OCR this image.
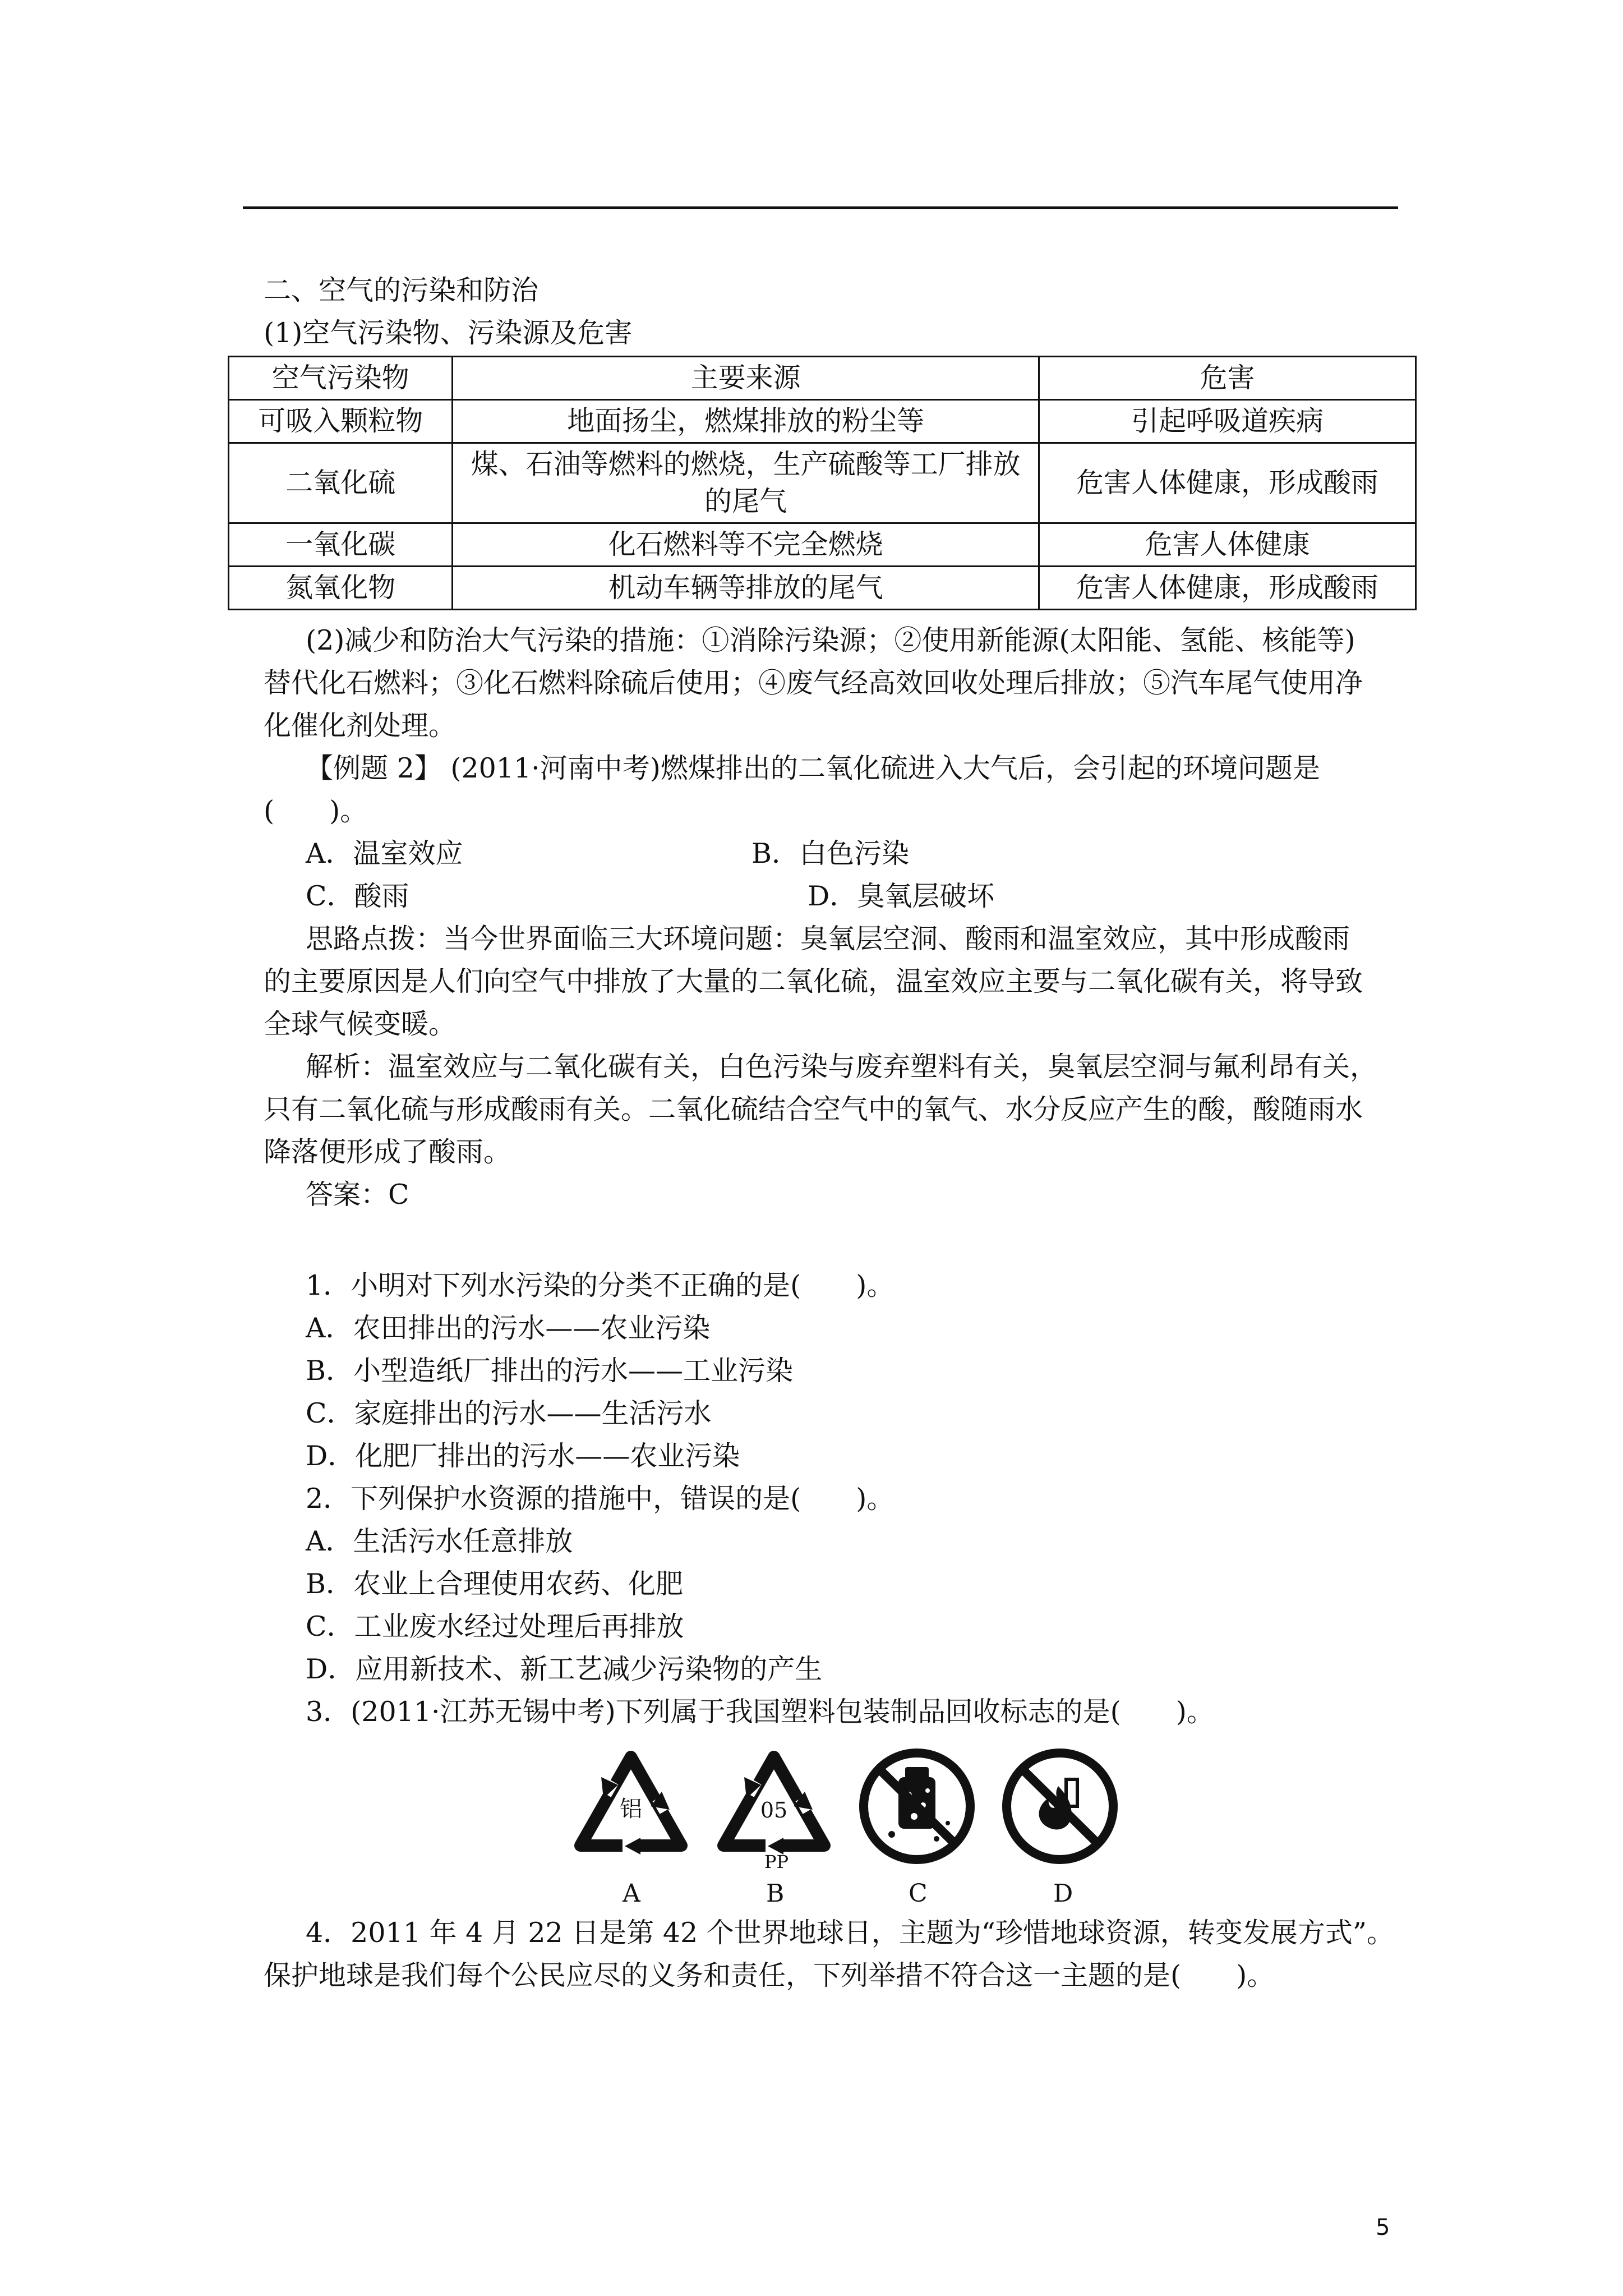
二、空气的污染和防治
(1)空气污染物、污染源及危害
空气污染物	主要来源	危害
可吸入颗粒物	地面扬尘，燃煤排放的粉尘等	引起呼吸道疾病
二氧化硫	煤、石油等燃料的燃烧，生产硫酸等工厂排放的尾气	危害人体健康，形成酸雨
一氧化碳	化石燃料等不完全燃烧	危害人体健康
氮氧化物	机动车辆等排放的尾气	危害人体健康，形成酸雨
(2)减少和防治大气污染的措施：①消除污染源；②使用新能源(太阳能、氢能、核能等)
替代化石燃料；③化石燃料除硫后使用；④废气经高效回收处理后排放；⑤汽车尾气使用净
化催化剂处理。
【例题 2】 (2011·河南中考)燃煤排出的二氧化硫进入大气后，会引起的环境问题是
(　　)。
A．温室效应	B．白色污染
C．酸雨	D．臭氧层破坏
思路点拨：当今世界面临三大环境问题：臭氧层空洞、酸雨和温室效应，其中形成酸雨
的主要原因是人们向空气中排放了大量的二氧化硫，温室效应主要与二氧化碳有关，将导致
全球气候变暖。
解析：温室效应与二氧化碳有关，白色污染与废弃塑料有关，臭氧层空洞与氟利昂有关，
只有二氧化硫与形成酸雨有关。二氧化硫结合空气中的氧气、水分反应产生的酸，酸随雨水
降落便形成了酸雨。
答案：C
1．小明对下列水污染的分类不正确的是(　　)。
A．农田排出的污水——农业污染
B．小型造纸厂排出的污水——工业污染
C．家庭排出的污水——生活污水
D．化肥厂排出的污水——农业污染
2．下列保护水资源的措施中，错误的是(　　)。
A．生活污水任意排放
B．农业上合理使用农药、化肥
C．工业废水经过处理后再排放
D．应用新技术、新工艺减少污染物的产生
3．(2011·江苏无锡中考)下列属于我国塑料包装制品回收标志的是(　　)。
铝	05
PP
A	B	C	D
4．2011 年 4 月 22 日是第 42 个世界地球日，主题为“珍惜地球资源，转变发展方式”。
保护地球是我们每个公民应尽的义务和责任，下列举措不符合这一主题的是(　　)。
5
